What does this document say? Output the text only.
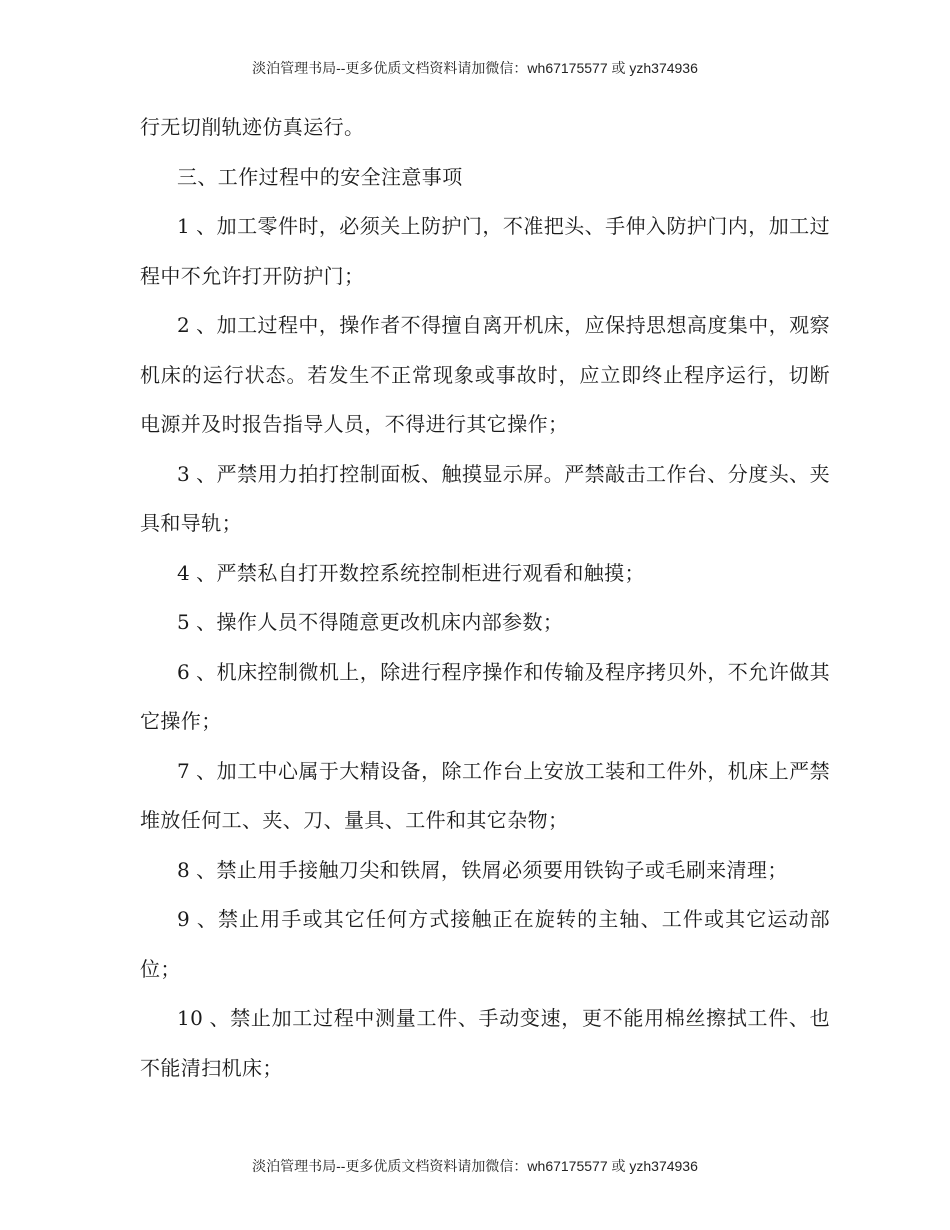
淡泊管理书局--更多优质文档资料请加微信：wh67175577 或 yzh374936

行无切削轨迹仿真运行。

三、工作过程中的安全注意事项

1 、加工零件时，必须关上防护门，不准把头、手伸入防护门内，加工过程中不允许打开防护门；

2 、加工过程中，操作者不得擅自离开机床，应保持思想高度集中，观察机床的运行状态。若发生不正常现象或事故时，应立即终止程序运行，切断电源并及时报告指导人员，不得进行其它操作；

3 、严禁用力拍打控制面板、触摸显示屏。严禁敲击工作台、分度头、夹具和导轨；

4 、严禁私自打开数控系统控制柜进行观看和触摸；

5 、操作人员不得随意更改机床内部参数；

6 、机床控制微机上，除进行程序操作和传输及程序拷贝外，不允许做其它操作；

7 、加工中心属于大精设备，除工作台上安放工装和工件外，机床上严禁堆放任何工、夹、刀、量具、工件和其它杂物；

8 、禁止用手接触刀尖和铁屑，铁屑必须要用铁钩子或毛刷来清理；

9 、禁止用手或其它任何方式接触正在旋转的主轴、工件或其它运动部位；

10 、禁止加工过程中测量工件、手动变速，更不能用棉丝擦拭工件、也不能清扫机床；

淡泊管理书局--更多优质文档资料请加微信：wh67175577 或 yzh374936
